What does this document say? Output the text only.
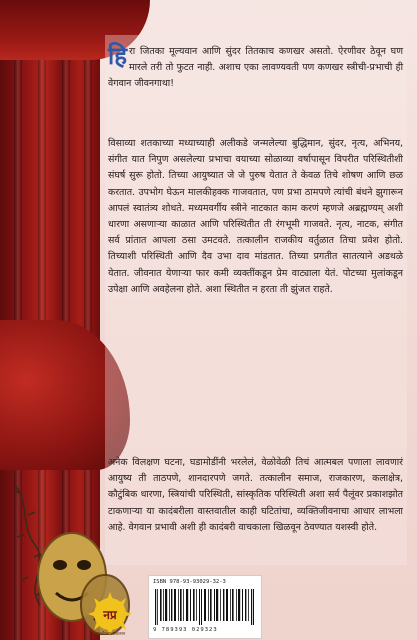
हिरा जितका मूल्यवान आणि सुंदर तितकाच कणखर असतो. ऐरणीवर ठेवून घण मारले तरी तो फुटत नाही. अशाच एका लावण्यवती पण कणखर स्त्रीची-प्रभाची ही वेगवान जीवनगाथा!

विसाव्या शतकाच्या मध्याच्याही अलीकडे जन्मलेल्या बुद्धिमान, सुंदर, नृत्य, अभिनय, संगीत यात निपुण असलेल्या प्रभाचा वयाच्या सोळाव्या वर्षापासून विपरीत परिस्थितीशी संघर्ष सुरू होतो. तिच्या आयुष्यात जे जे पुरुष येतात ते केवळ तिचे शोषण आणि छळ करतात. उपभोग घेऊन मालकीहक्क गाजवतात, पण प्रभा ठामपणे त्यांची बंधने झुगारून आपलं स्वातंत्र्य शोधते. मध्यमवर्गीय स्त्रीने नाटकात काम करणं म्हणजे अब्रह्मण्यम् अशी धारणा असणाऱ्या काळात आणि परिस्थितीत ती रंगभूमी गाजवते. नृत्य, नाटक, संगीत सर्व प्रांतात आपला ठसा उमटवते. तत्कालीन राजकीय वर्तुळात तिचा प्रवेश होतो. तिच्याशी परिस्थिती आणि दैव उभा दाव मांडतात. तिच्या प्रगतीत सातत्याने अडथळे येतात. जीवनात येणाऱ्या फार कमी व्यक्तींकडून प्रेम वाट्याला येतं. पोटच्या मुलांकडून उपेक्षा आणि अवहेलना होते. अशा स्थितीत न हरता ती झुंजत राहते.

अनेक विलक्षण घटना, घडामोडींनी भरलेलं, वेळोवेळी तिचं आत्मबल पणाला लावणारं आयुष्य ती ताठपणे, शानदारपणे जगते. तत्कालीन समाज, राजकारण, कलाक्षेत्र, कौटुंबिक धारणा, स्त्रियांची परिस्थिती, सांस्कृतिक परिस्थिती अशा सर्व पैलूंवर प्रकाशझोत टाकणाऱ्या या कादंबरीला वास्तवातील काही घटितांचा, व्यक्तिजीवनाचा आधार लाभला आहे. वेगवान प्रभावी अशी ही कादंबरी वाचकाला खिळवून ठेवण्यात यशस्वी होते.

नप्र
नवचैतन्य प्रकाशन
ISBN 978-93-93029-32-3
9 789393 029323
